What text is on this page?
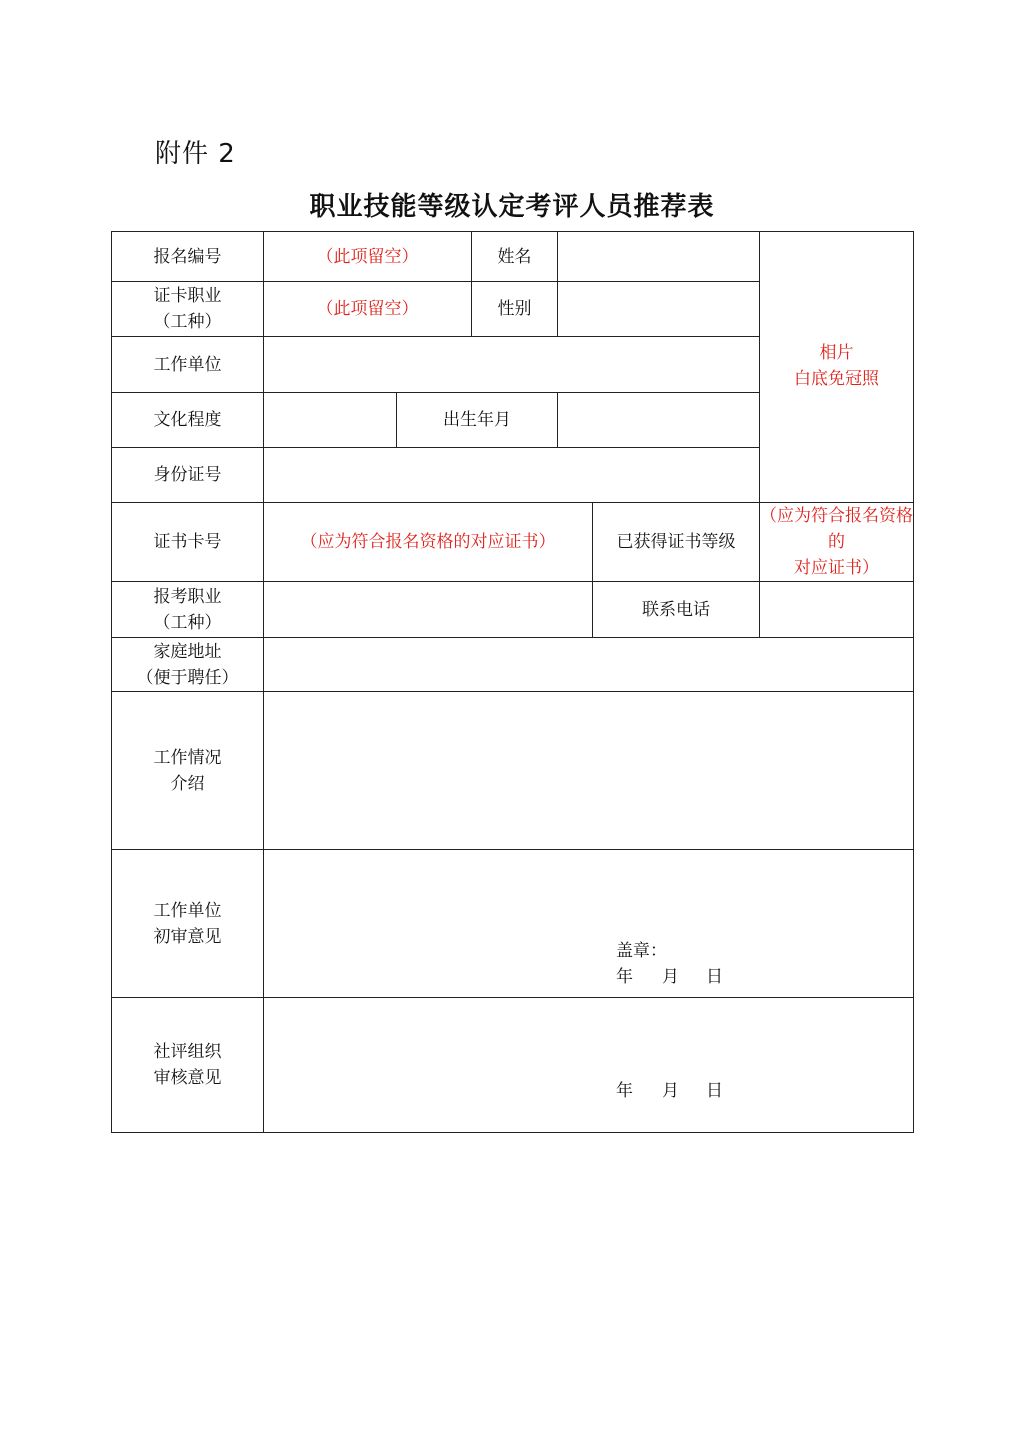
附件 2
职业技能等级认定考评人员推荐表
报名编号	（此项留空）		姓名			相片
白底免冠照

证卡职业
（工种）	（此项留空）		性别			
工作单位						
文化程度		出生年月				
身份证号						
证书卡号	（应为符合报名资格的对应证书）				已获得证书等级	（应为符合报名资格的
对应证书）

报考职业
（工种）					联系电话	

家庭地址
（便于聘任）						

工作情况
介绍						

工作单位
初审意见	盖章：
年 月 日					

社评组织
审核意见	年 月 日					
